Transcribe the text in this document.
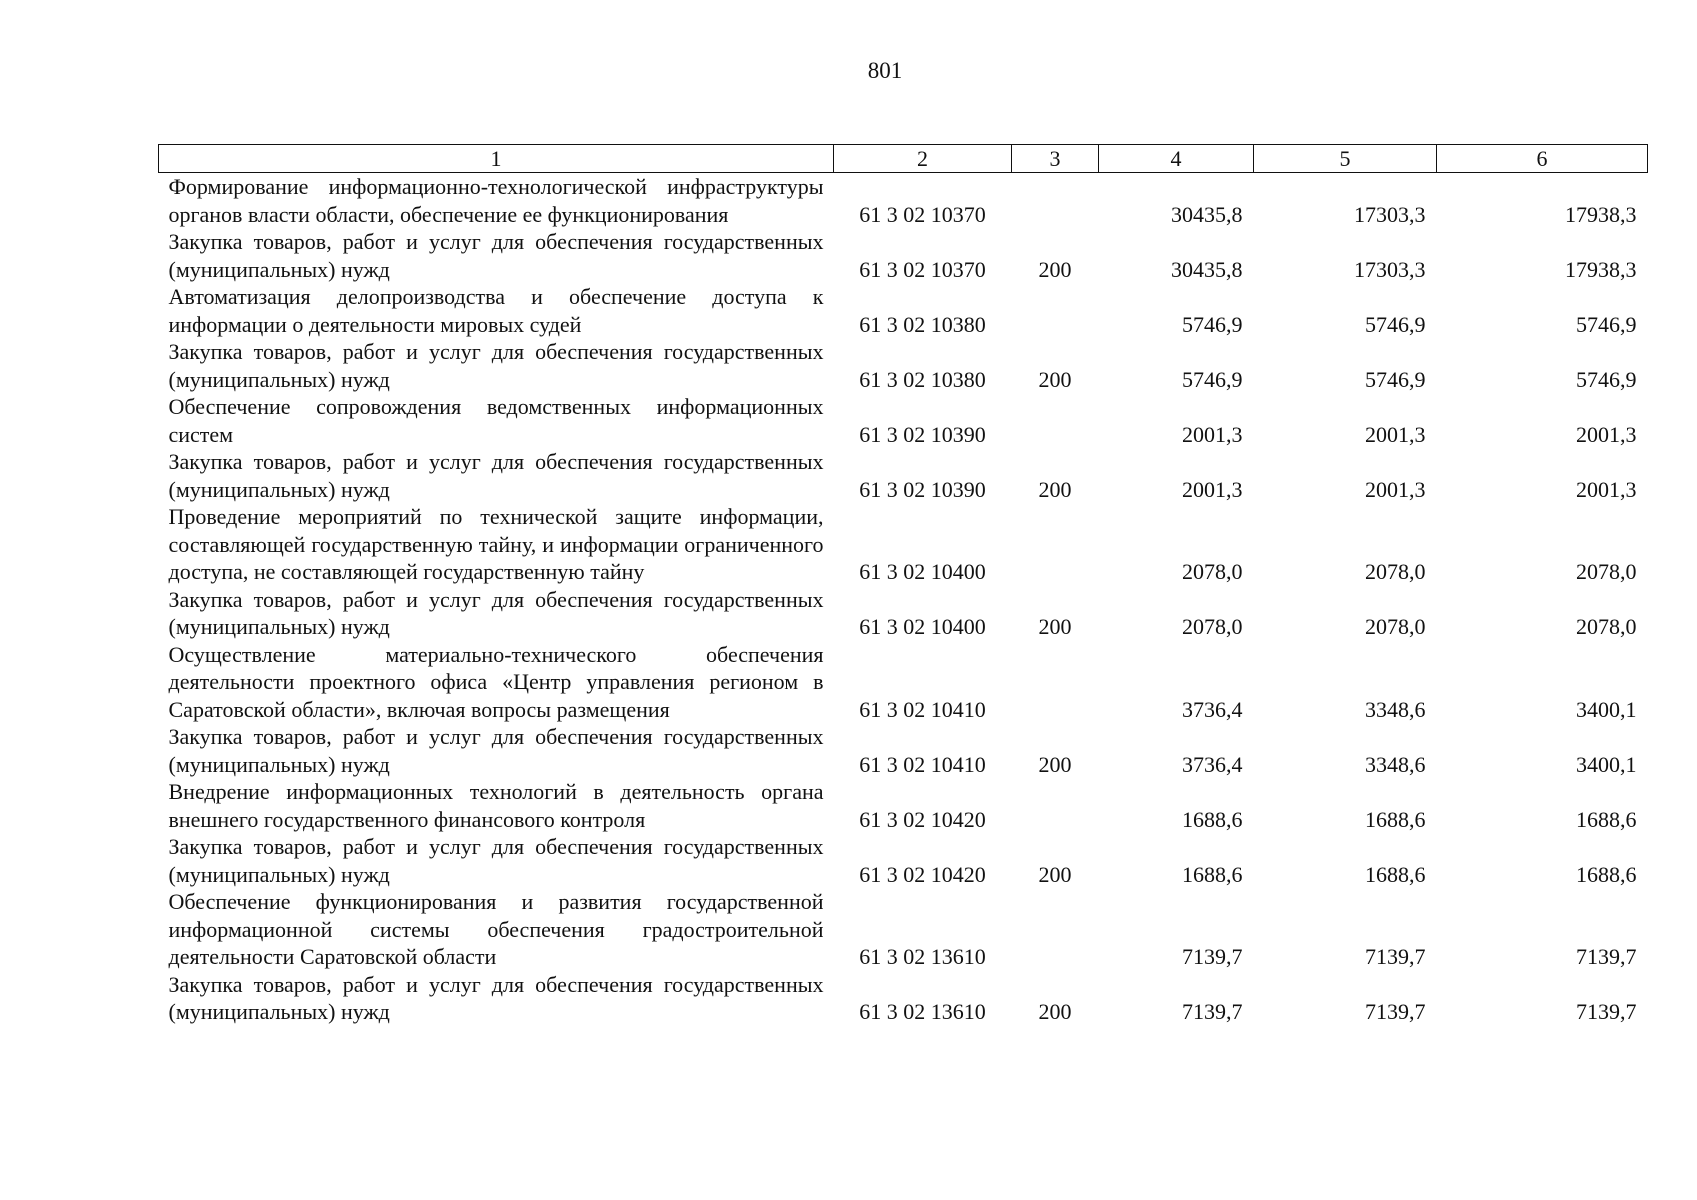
801
1	2	3	4	5	6
Формирование информационно-технологической инфраструктуры органов власти области, обеспечение ее функционирования	61 3 02 10370		30435,8	17303,3	17938,3
Закупка товаров, работ и услуг для обеспечения государственных (муниципальных) нужд	61 3 02 10370	200	30435,8	17303,3	17938,3
Автоматизация делопроизводства и обеспечение доступа к информации о деятельности мировых судей	61 3 02 10380		5746,9	5746,9	5746,9
Закупка товаров, работ и услуг для обеспечения государственных (муниципальных) нужд	61 3 02 10380	200	5746,9	5746,9	5746,9
Обеспечение сопровождения ведомственных информационных систем	61 3 02 10390		2001,3	2001,3	2001,3
Закупка товаров, работ и услуг для обеспечения государственных (муниципальных) нужд	61 3 02 10390	200	2001,3	2001,3	2001,3
Проведение мероприятий по технической защите информации, составляющей государственную тайну, и информации ограниченного доступа, не составляющей государственную тайну	61 3 02 10400		2078,0	2078,0	2078,0
Закупка товаров, работ и услуг для обеспечения государственных (муниципальных) нужд	61 3 02 10400	200	2078,0	2078,0	2078,0
Осуществление материально-технического обеспечения деятельности проектного офиса «Центр управления регионом в Саратовской области», включая вопросы размещения	61 3 02 10410		3736,4	3348,6	3400,1
Закупка товаров, работ и услуг для обеспечения государственных (муниципальных) нужд	61 3 02 10410	200	3736,4	3348,6	3400,1
Внедрение информационных технологий в деятельность органа внешнего государственного финансового контроля	61 3 02 10420		1688,6	1688,6	1688,6
Закупка товаров, работ и услуг для обеспечения государственных (муниципальных) нужд	61 3 02 10420	200	1688,6	1688,6	1688,6
Обеспечение функционирования и развития государственной информационной системы обеспечения градостроительной деятельности Саратовской области	61 3 02 13610		7139,7	7139,7	7139,7
Закупка товаров, работ и услуг для обеспечения государственных (муниципальных) нужд	61 3 02 13610	200	7139,7	7139,7	7139,7
